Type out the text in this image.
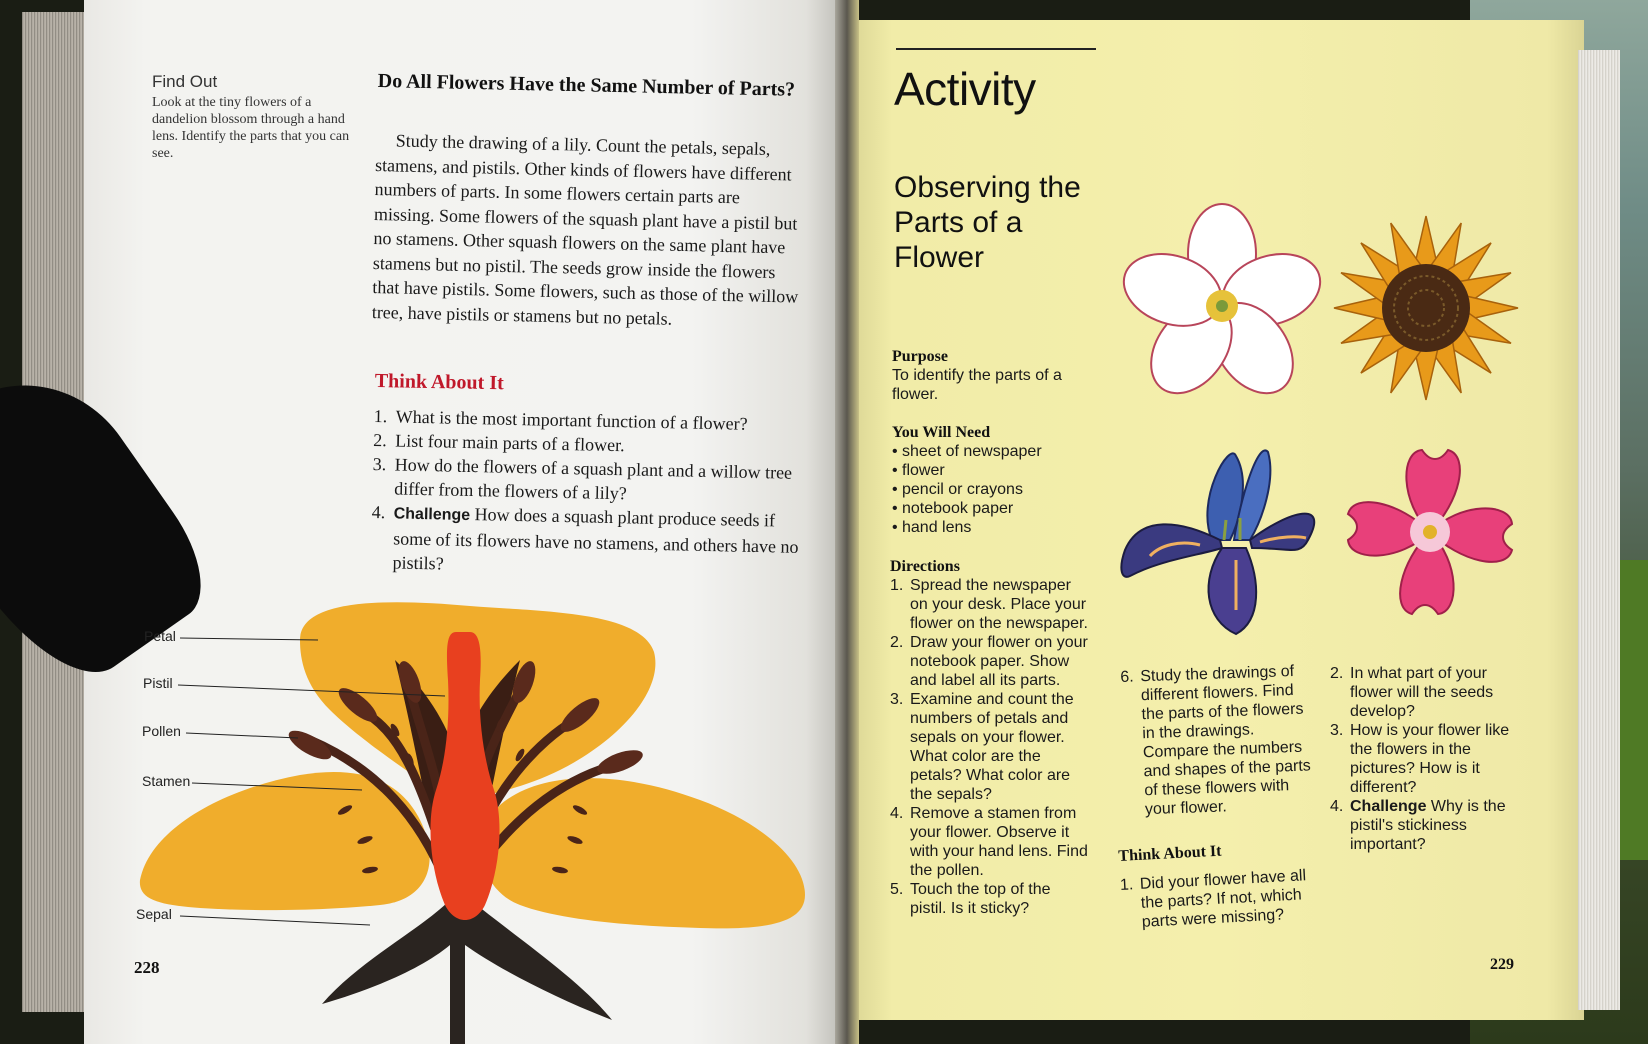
Find Out
Look at the tiny flowers of a dandelion blossom through a hand lens. Identify the parts that you can see.
Do All Flowers Have the Same Number of Parts?
Study the drawing of a lily. Count the petals, sepals, stamens, and pistils. Other kinds of flowers have different numbers of parts. In some flowers certain parts are missing. Some flowers of the squash plant have a pistil but no stamens. Other squash flowers on the same plant have stamens but no pistil. The seeds grow inside the flowers that have pistils. Some flowers, such as those of the willow tree, have pistils or stamens but no petals.
Think About It
1. What is the most important function of a flower?
2. List four main parts of a flower.
3. How do the flowers of a squash plant and a willow tree differ from the flowers of a lily?
4. Challenge How does a squash plant produce seeds if some of its flowers have no stamens, and others have no pistils?
Petal
Pistil
Pollen
Stamen
Sepal
228
Activity
Observing the Parts of a Flower
Purpose
To identify the parts of a flower.
You Will Need
• sheet of newspaper
• flower
• pencil or crayons
• notebook paper
• hand lens
Directions
1. Spread the newspaper on your desk. Place your flower on the newspaper.
2. Draw your flower on your notebook paper. Show and label all its parts.
3. Examine and count the numbers of petals and sepals on your flower. What color are the petals? What color are the sepals?
4. Remove a stamen from your flower. Observe it with your hand lens. Find the pollen.
5. Touch the top of the pistil. Is it sticky?
6. Study the drawings of different flowers. Find the parts of the flowers in the drawings. Compare the numbers and shapes of the parts of these flowers with your flower.
Think About It
1. Did your flower have all the parts? If not, which parts were missing?
2. In what part of your flower will the seeds develop?
3. How is your flower like the flowers in the pictures? How is it different?
4. Challenge Why is the pistil's stickiness important?
229
